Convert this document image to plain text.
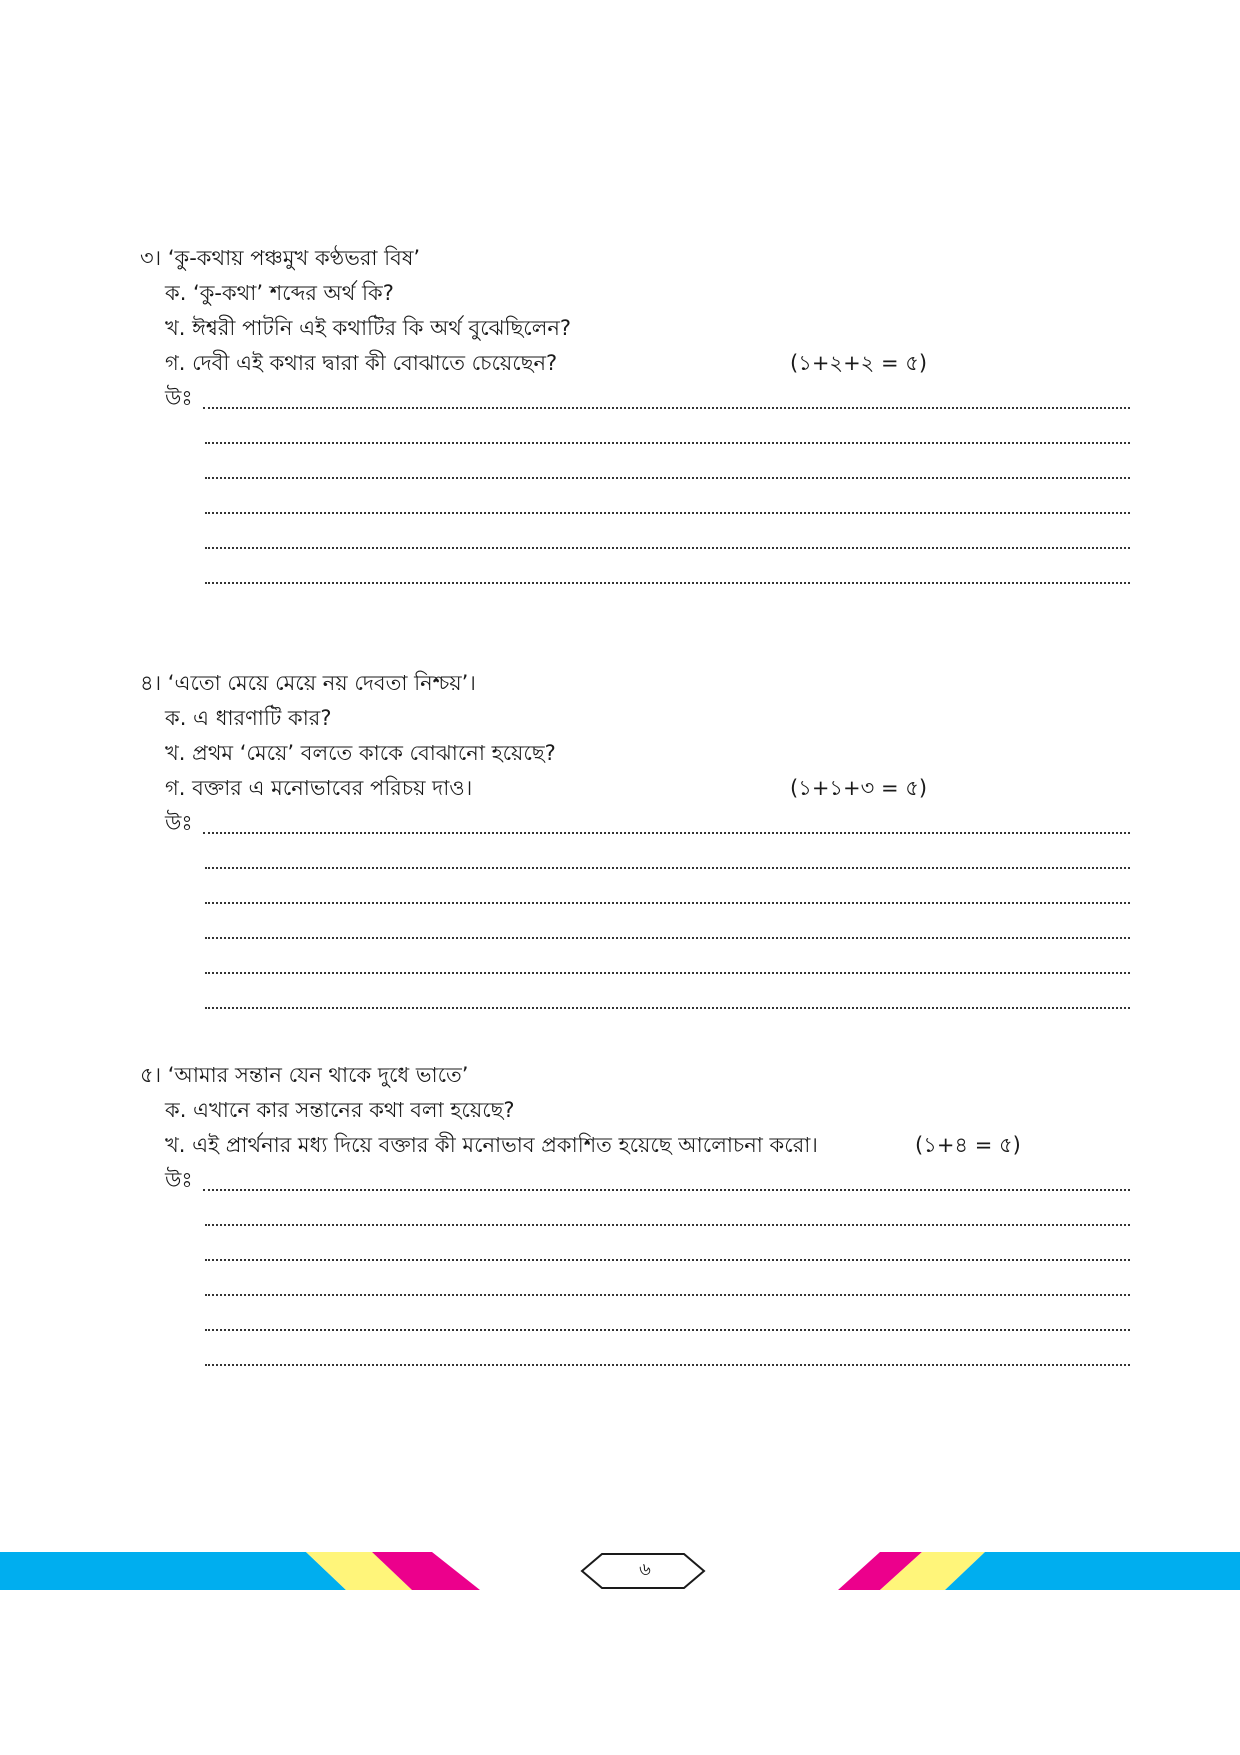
৩। ‘কু-কথায় পঞ্চমুখ কণ্ঠভরা বিষ’
ক. ‘কু-কথা’ শব্দের অর্থ কি?
খ. ঈশ্বরী পাটনি এই কথাটির কি অর্থ বুঝেছিলেন?
গ. দেবী এই কথার দ্বারা কী বোঝাতে চেয়েছেন?	(১+২+২ = ৫)
উঃ
৪। ‘এতো মেয়ে মেয়ে নয় দেবতা নিশ্চয়’।
ক. এ ধারণাটি কার?
খ. প্রথম ‘মেয়ে’ বলতে কাকে বোঝানো হয়েছে?
গ. বক্তার এ মনোভাবের পরিচয় দাও।	(১+১+৩ = ৫)
উঃ
৫। ‘আমার সন্তান যেন থাকে দুধে ভাতে’
ক. এখানে কার সন্তানের কথা বলা হয়েছে?
খ. এই প্রার্থনার মধ্য দিয়ে বক্তার কী মনোভাব প্রকাশিত হয়েছে আলোচনা করো।	(১+৪ = ৫)
উঃ
৬
